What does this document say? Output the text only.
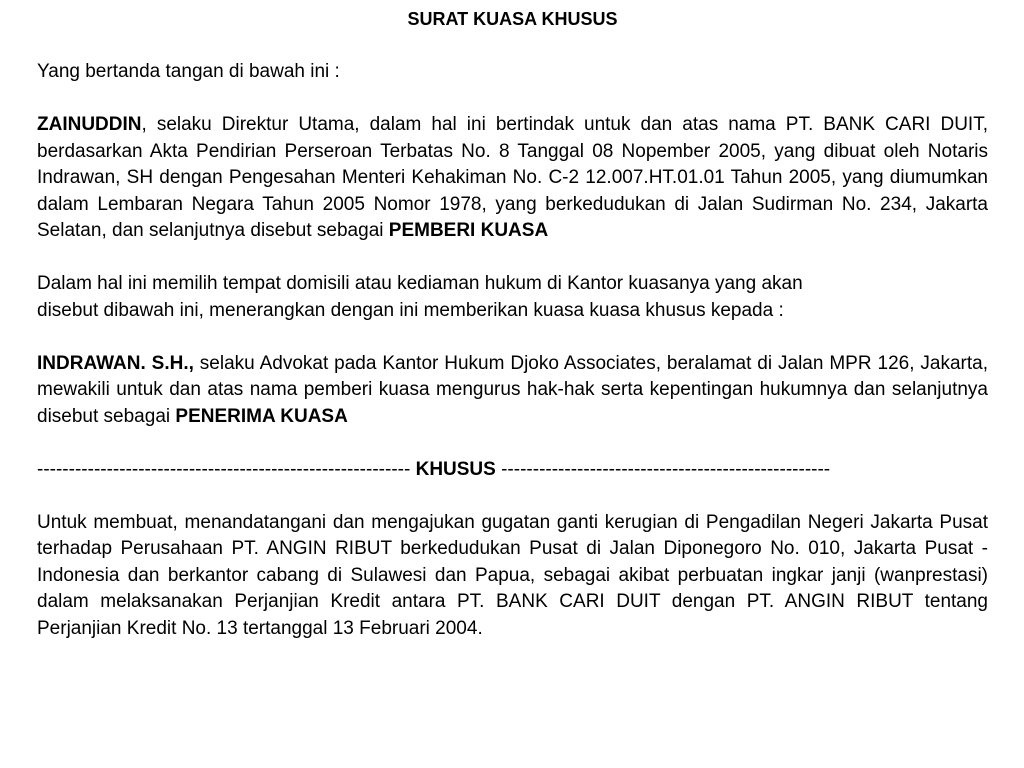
SURAT KUASA KHUSUS

Yang bertanda tangan di bawah ini :

ZAINUDDIN, selaku Direktur Utama, dalam hal ini bertindak untuk dan atas nama PT. BANK CARI DUIT, berdasarkan Akta Pendirian Perseroan Terbatas No. 8 Tanggal 08 Nopember 2005, yang dibuat oleh Notaris Indrawan, SH dengan Pengesahan Menteri Kehakiman No. C-2 12.007.HT.01.01 Tahun 2005, yang diumumkan dalam Lembaran Negara Tahun 2005 Nomor 1978, yang berkedudukan di Jalan Sudirman No. 234, Jakarta Selatan, dan selanjutnya disebut sebagai PEMBERI KUASA

Dalam hal ini memilih tempat domisili atau kediaman hukum di Kantor kuasanya yang akan

disebut dibawah ini, menerangkan dengan ini memberikan kuasa kuasa khusus kepada :

INDRAWAN. S.H., selaku Advokat pada Kantor Hukum Djoko Associates, beralamat di Jalan MPR 126, Jakarta, mewakili untuk dan atas nama pemberi kuasa mengurus hak-hak serta kepentingan hukumnya dan selanjutnya disebut sebagai PENERIMA KUASA

----------------------------------------------------------- KHUSUS ----------------------------------------------------

Untuk membuat, menandatangani dan mengajukan gugatan ganti kerugian di Pengadilan Negeri Jakarta Pusat terhadap Perusahaan PT. ANGIN RIBUT berkedudukan Pusat di Jalan Diponegoro No. 010, Jakarta Pusat - Indonesia dan berkantor cabang di Sulawesi dan Papua, sebagai akibat perbuatan ingkar janji (wanprestasi) dalam melaksanakan Perjanjian Kredit antara PT. BANK CARI DUIT dengan PT. ANGIN RIBUT tentang Perjanjian Kredit No. 13 tertanggal 13 Februari 2004.
